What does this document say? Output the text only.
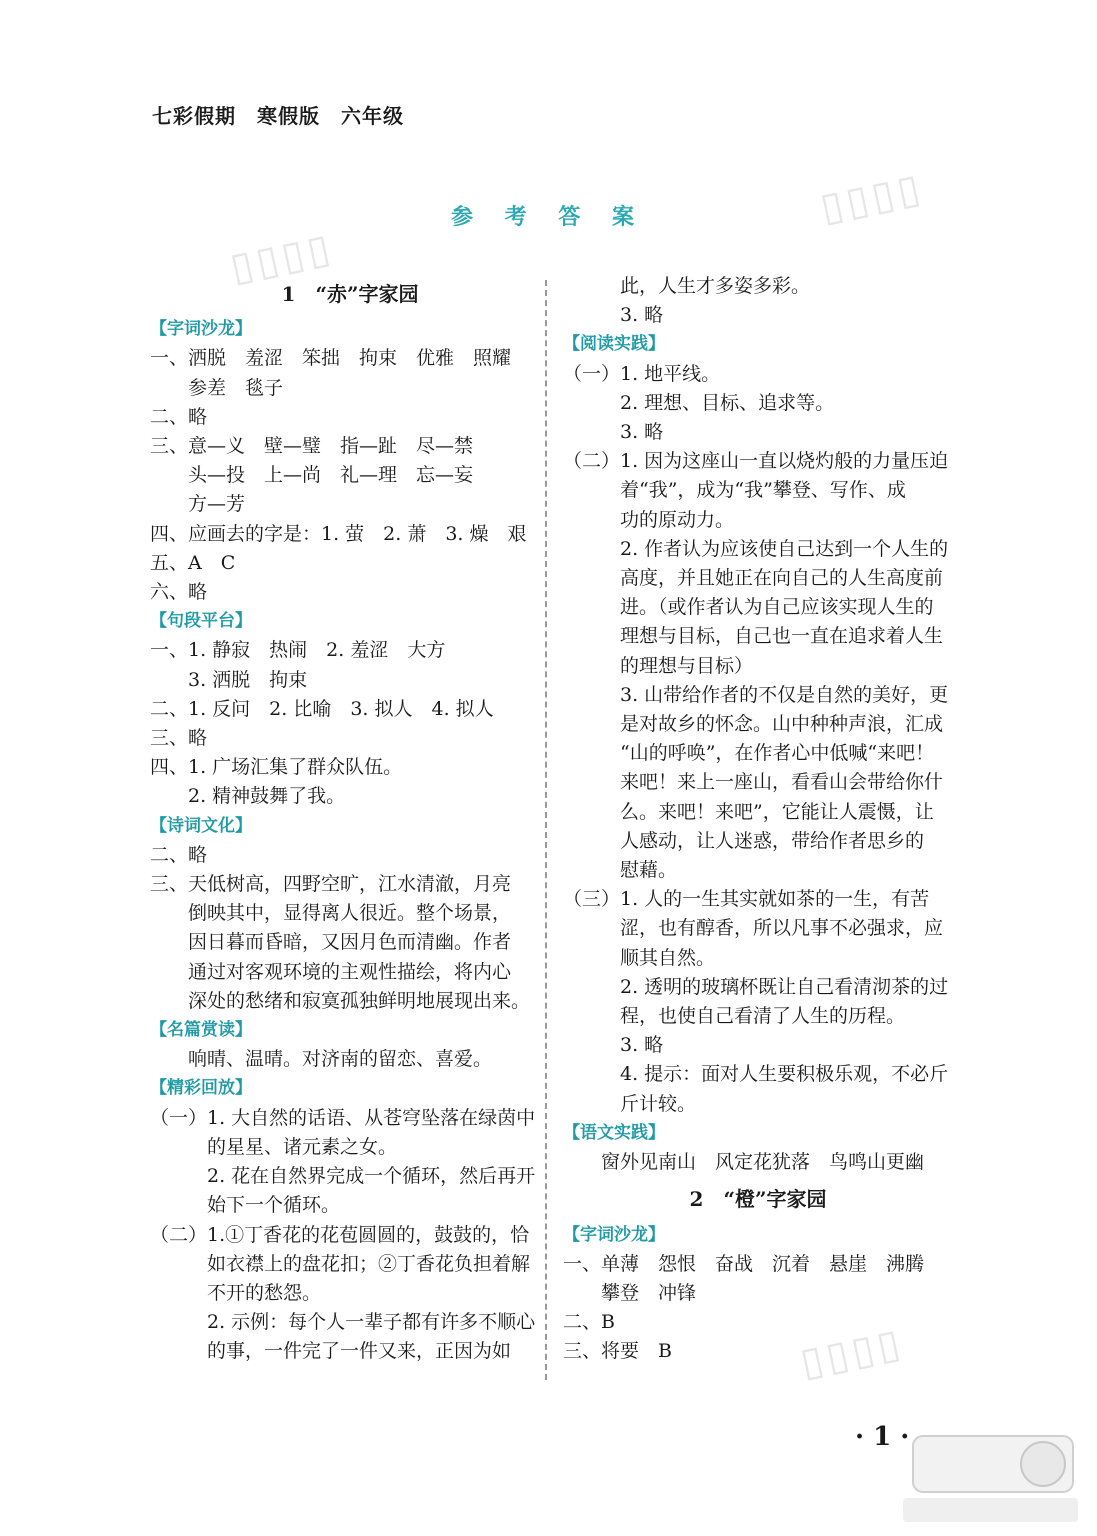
七彩假期　寒假版　六年级
参 考 答 案
▯▯▯▯
▯▯▯▯
▯▯▯▯
1　“赤”字家园
【字词沙龙】
一、洒脱　羞涩　笨拙　拘束　优雅　照耀
参差　毯子
二、略
三、意—义　壁—璧　指—趾　尽—禁
头—投　上—尚　礼—理　忘—妄
方—芳
四、应画去的字是：1. 萤　2. 萧　3. 燥　艰
五、A　C
六、略
【句段平台】
一、1. 静寂　热闹　2. 羞涩　大方
3. 洒脱　拘束
二、1. 反问　2. 比喻　3. 拟人　4. 拟人
三、略
四、1. 广场汇集了群众队伍。
2. 精神鼓舞了我。
【诗词文化】
二、略
三、天低树高，四野空旷，江水清澈，月亮
倒映其中，显得离人很近。整个场景，
因日暮而昏暗，又因月色而清幽。作者
通过对客观环境的主观性描绘，将内心
深处的愁绪和寂寞孤独鲜明地展现出来。
【名篇赏读】
响晴、温晴。对济南的留恋、喜爱。
【精彩回放】
（一）1. 大自然的话语、从苍穹坠落在绿茵中
的星星、诸元素之女。
2. 花在自然界完成一个循环，然后再开
始下一个循环。
（二）1.①丁香花的花苞圆圆的，鼓鼓的，恰
如衣襟上的盘花扣；②丁香花负担着解
不开的愁怨。
2. 示例：每个人一辈子都有许多不顺心
的事，一件完了一件又来，正因为如
此，人生才多姿多彩。
3. 略
【阅读实践】
（一）1. 地平线。
2. 理想、目标、追求等。
3. 略
（二）1. 因为这座山一直以烧灼般的力量压迫
着“我”，成为“我”攀登、写作、成
功的原动力。
2. 作者认为应该使自己达到一个人生的
高度，并且她正在向自己的人生高度前
进。（或作者认为自己应该实现人生的
理想与目标，自己也一直在追求着人生
的理想与目标）
3. 山带给作者的不仅是自然的美好，更
是对故乡的怀念。山中种种声浪，汇成
“山的呼唤”，在作者心中低喊“来吧！
来吧！来上一座山，看看山会带给你什
么。来吧！来吧”，它能让人震慑，让
人感动，让人迷惑，带给作者思乡的
慰藉。
（三）1. 人的一生其实就如茶的一生，有苦
涩，也有醇香，所以凡事不必强求，应
顺其自然。
2. 透明的玻璃杯既让自己看清沏茶的过
程，也使自己看清了人生的历程。
3. 略
4. 提示：面对人生要积极乐观，不必斤
斤计较。
【语文实践】
窗外见南山　风定花犹落　鸟鸣山更幽
2　“橙”字家园
【字词沙龙】
一、单薄　怨恨　奋战　沉着　悬崖　沸腾
攀登　冲锋
二、B
三、将要　B
· 1 ·
